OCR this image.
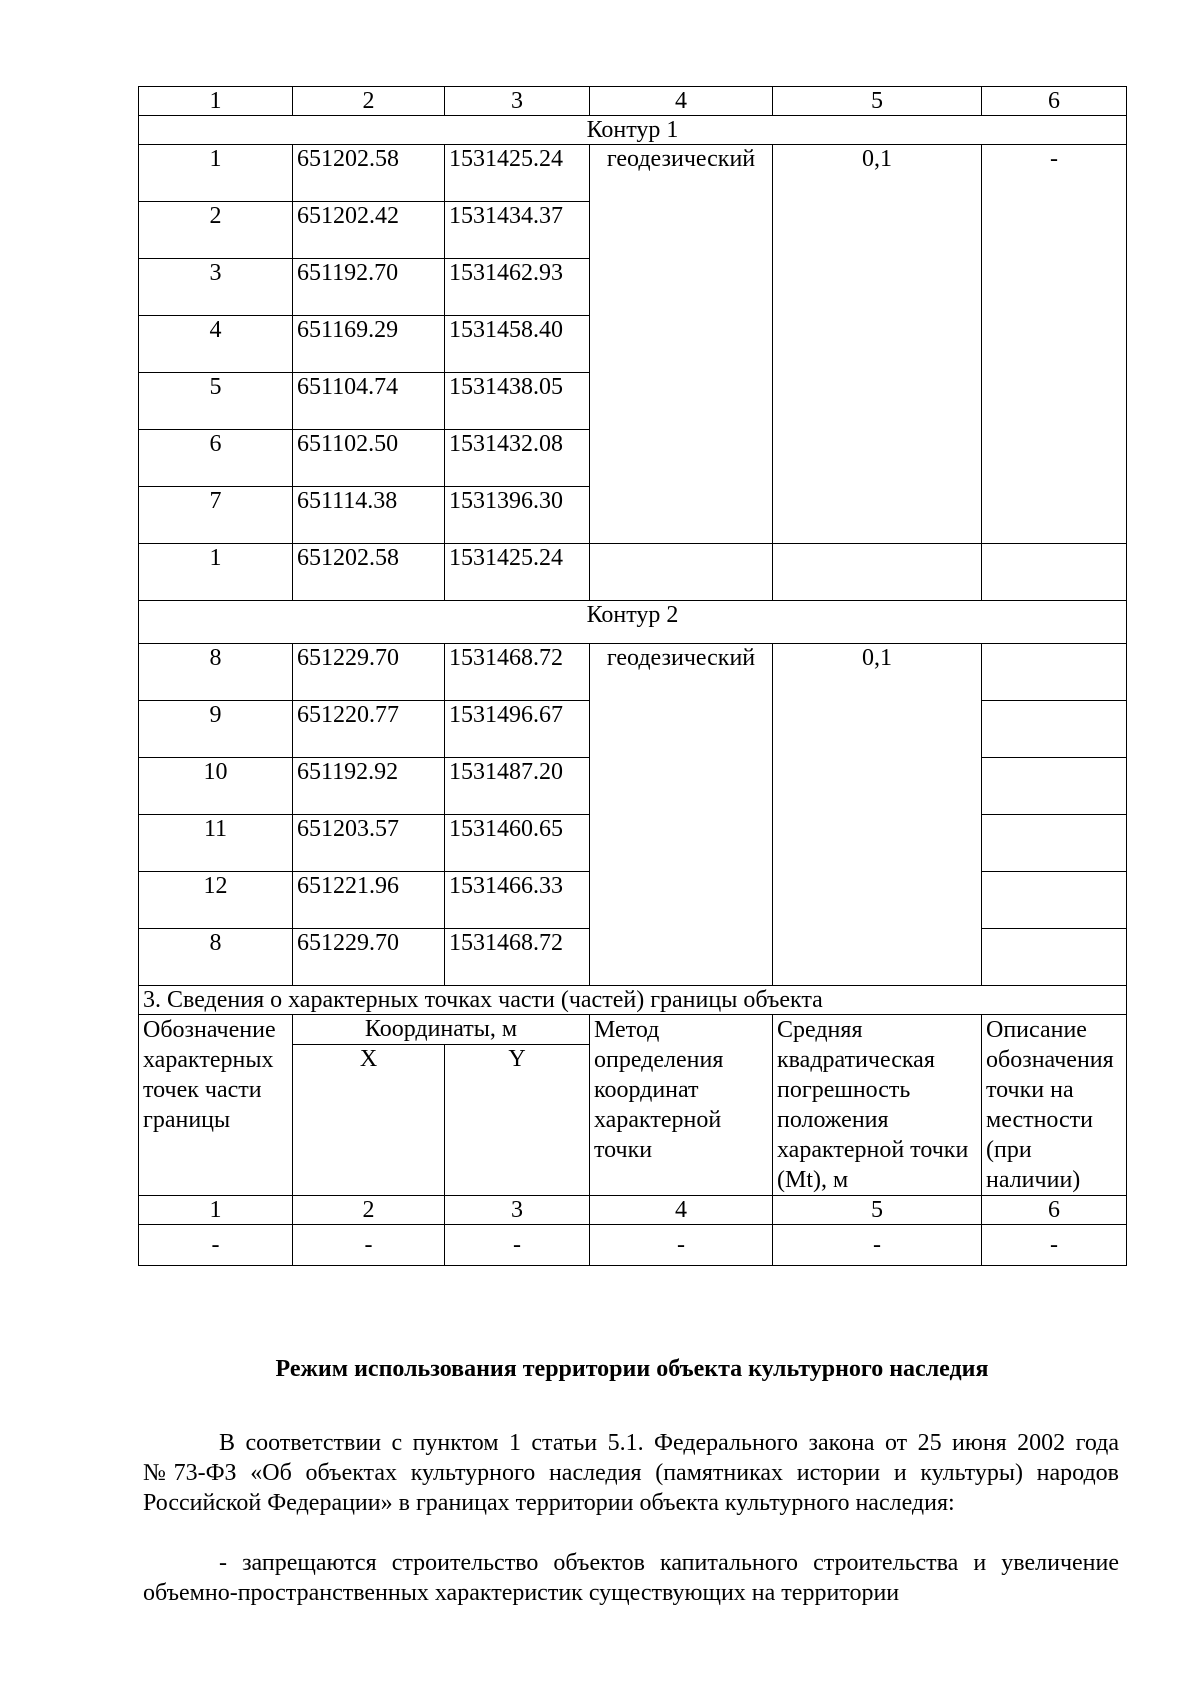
1	2	3	4	5	6
Контур 1					
1	651202.58	1531425.24	геодезический	0,1	-
2	651202.42	1531434.37			
3	651192.70	1531462.93			
4	651169.29	1531458.40			
5	651104.74	1531438.05			
6	651102.50	1531432.08			
7	651114.38	1531396.30			
1	651202.58	1531425.24			
Контур 2					
8	651229.70	1531468.72	геодезический	0,1	
9	651220.77	1531496.67			
10	651192.92	1531487.20			
11	651203.57	1531460.65			
12	651221.96	1531466.33			
8	651229.70	1531468.72			
3. Сведения о характерных точках части (частей) границы объекта					
Обозначение характерных точек части границы	Координаты, м		Метод определения координат характерной точки	Средняя квадратическая погрешность положения характерной точки (Mt), м	Описание обозначения точки на местности (при наличии)
	X	Y			
1	2	3	4	5	6
-	-	-	-	-	-
Режим использования территории объекта культурного наследия

В соответствии с пунктом 1 статьи 5.1. Федерального закона от 25 июня 2002 года №73-ФЗ «Об объектах культурного наследия (памятниках истории и культуры) народов Российской Федерации» в границах территории объекта культурного наследия:

- запрещаются строительство объектов капитального строительства и увеличение объемно-пространственных характеристик существующих на территории
